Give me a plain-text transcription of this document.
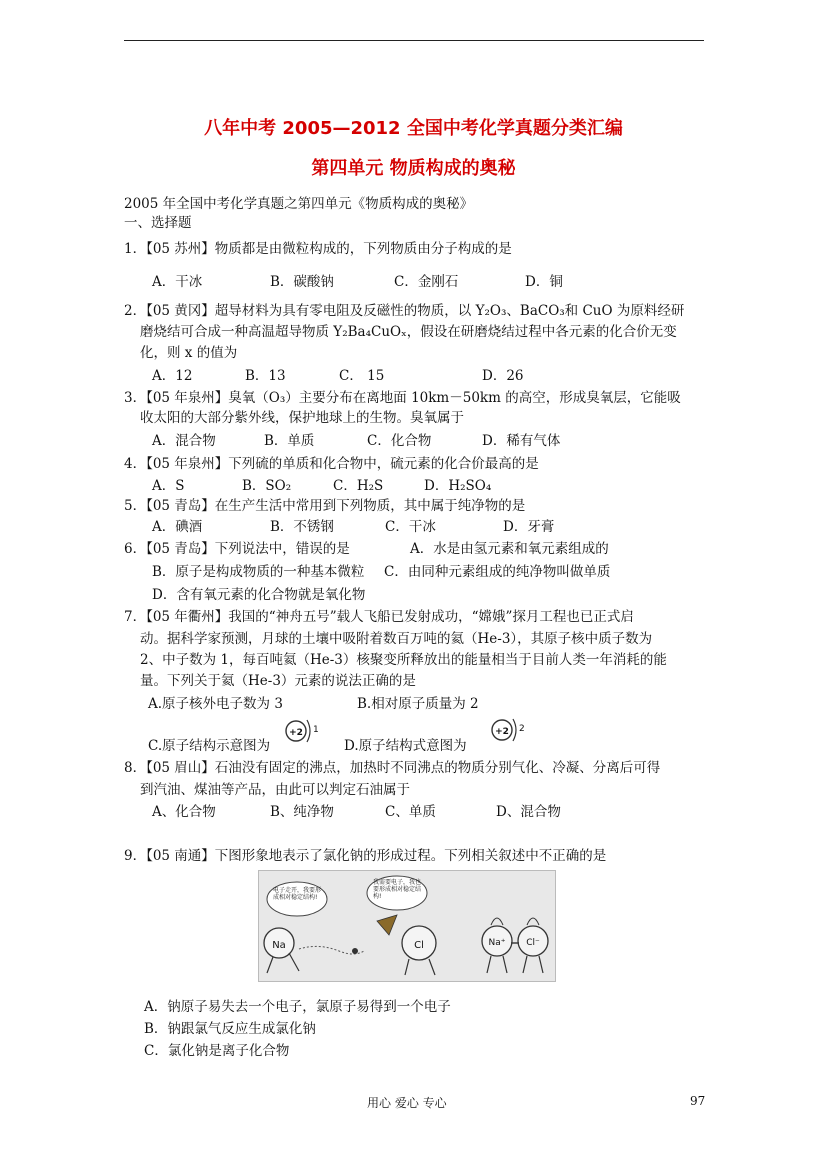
八年中考 2005—2012 全国中考化学真题分类汇编
第四单元 物质构成的奥秘
2005 年全国中考化学真题之第四单元《物质构成的奥秘》
一、选择题
1．【05 苏州】物质都是由微粒构成的，下列物质由分子构成的是
A．干冰	B．碳酸钠	C．金刚石	D．铜
2．【05 黄冈】超导材料为具有零电阻及反磁性的物质，以 Y₂O₃、BaCO₃和 CuO 为原料经研
磨烧结可合成一种高温超导物质 Y₂Ba₄CuOₓ，假设在研磨烧结过程中各元素的化合价无变
化，则 x 的值为
A．12	B．13	C． 15	D．26
3．【05 年泉州】臭氧（O₃）主要分布在离地面 10km－50km 的高空，形成臭氧层，它能吸
收太阳的大部分紫外线，保护地球上的生物。臭氧属于
A．混合物	B．单质	C．化合物	D．稀有气体
4．【05 年泉州】下列硫的单质和化合物中，硫元素的化合价最高的是
A．S	B．SO₂	C．H₂S	D．H₂SO₄
5．【05 青岛】在生产生活中常用到下列物质，其中属于纯净物的是
A．碘酒	B．不锈钢	C．干冰	D．牙膏
6．【05 青岛】下列说法中，错误的是	A．水是由氢元素和氧元素组成的
B．原子是构成物质的一种基本微粒 C．由同种元素组成的纯净物叫做单质
D．含有氧元素的化合物就是氧化物
7．【05 年衢州】我国的“神舟五号”载人飞船已发射成功，“嫦娥”探月工程也已正式启
动。据科学家预测，月球的土壤中吸附着数百万吨的氦（He-3），其原子核中质子数为
2、中子数为 1，每百吨氦（He-3）核聚变所释放出的能量相当于目前人类一年消耗的能
量。下列关于氦（He-3）元素的说法正确的是
A.原子核外电子数为 3	B.相对原子质量为 2
C.原子结构示意图为
+2 1
D.原子结构式意图为
+2 2
8．【05 眉山】石油没有固定的沸点，加热时不同沸点的物质分别气化、冷凝、分离后可得
到汽油、煤油等产品，由此可以判定石油属于
A、化合物	B、纯净物	C、单质	D、混合物
9．【05 南通】下图形象地表示了氯化钠的形成过程。下列相关叙述中不正确的是
电子走开，我要形成相对稳定结构!
我需要电子，我也要形成相对稳定结构!
Na	Cl	Na⁺ Cl⁻
A．钠原子易失去一个电子，氯原子易得到一个电子
B．钠跟氯气反应生成氯化钠
C．氯化钠是离子化合物
用心 爱心 专心	97
